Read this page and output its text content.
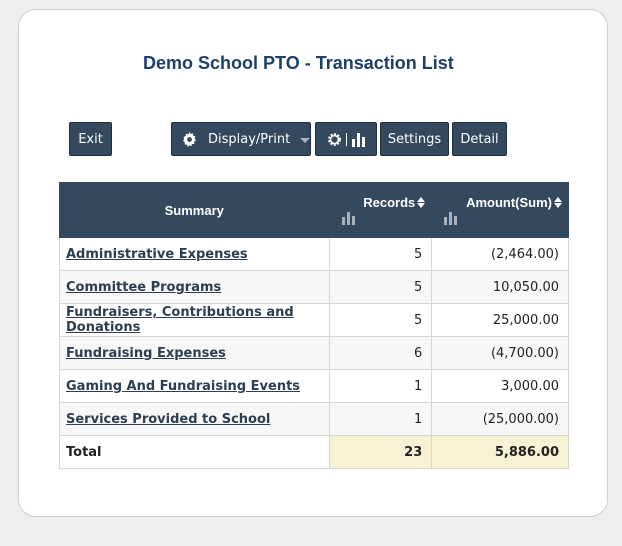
Demo School PTO - Transaction List
Exit	Display/Print	Settings Detail
Summary	Records	Amount(Sum)

Administrative Expenses	5	(2,464.00)
Committee Programs	5	10,050.00
Fundraisers, Contributions and Donations	5	25,000.00
Fundraising Expenses	6	(4,700.00)
Gaming And Fundraising Events	1	3,000.00
Services Provided to School	1	(25,000.00)
Total	23	5,886.00
